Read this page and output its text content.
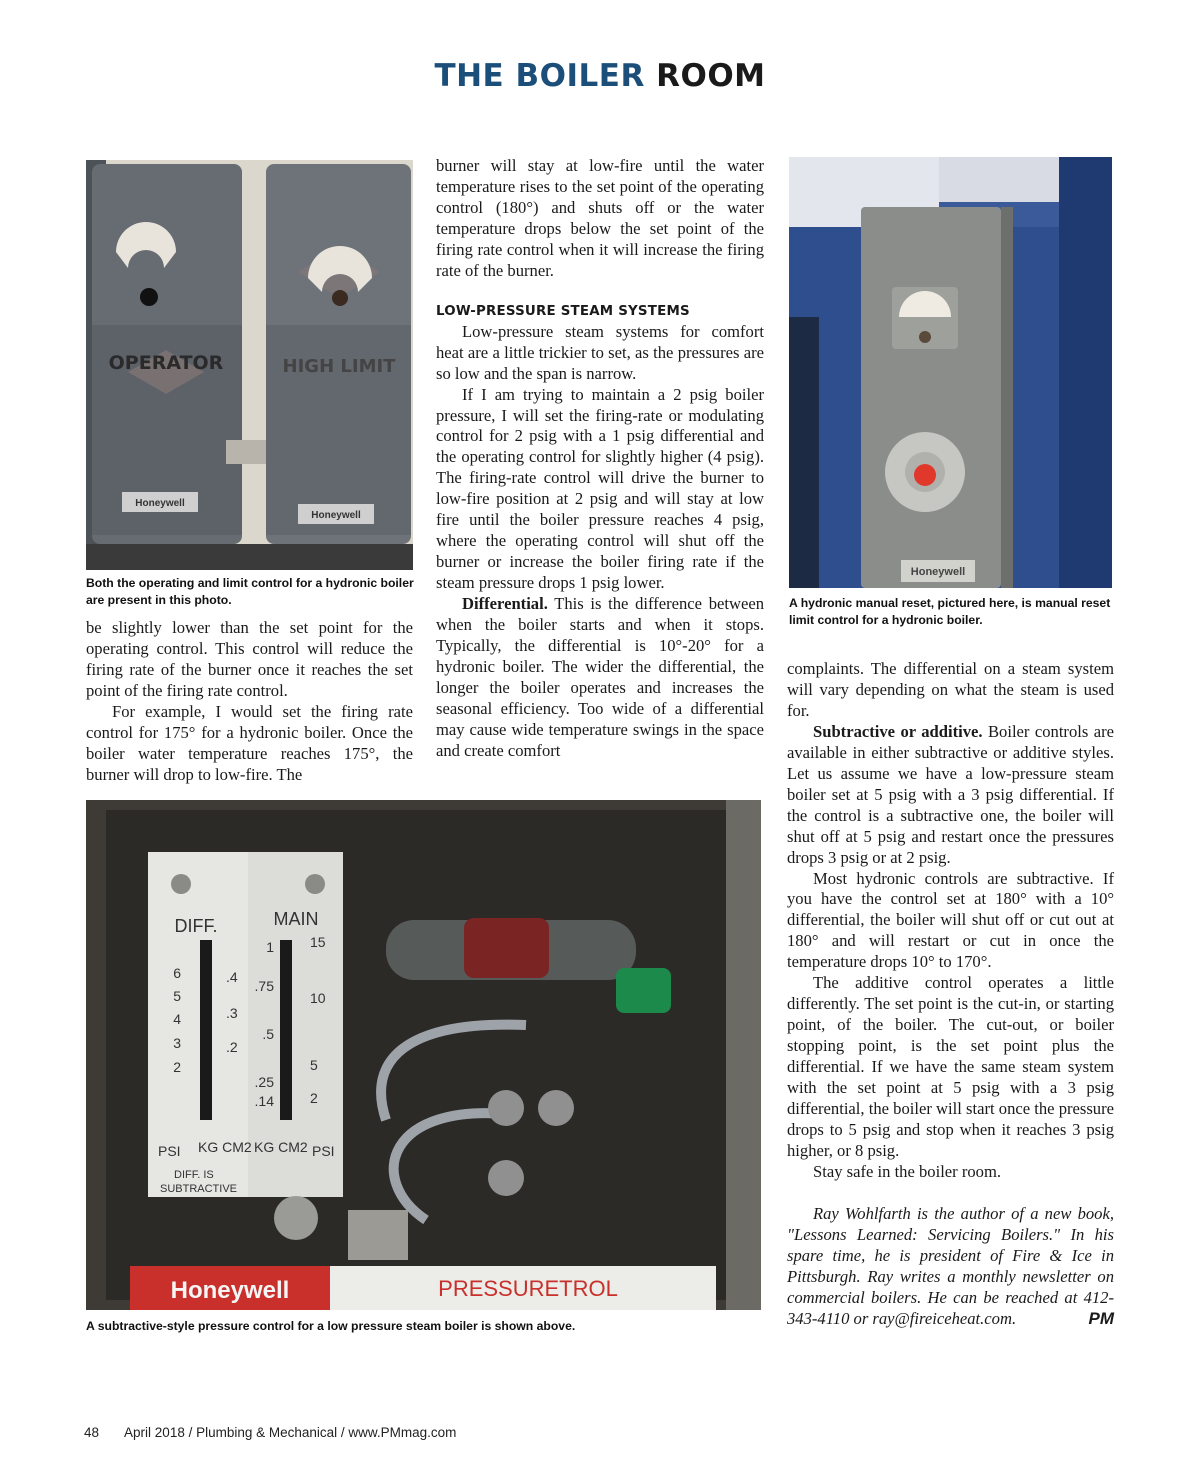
THE BOILER ROOM
OPERATOR
Honeywell
HIGH LIMIT
Honeywell
Both the operating and limit control for a hydronic boiler are present in this photo.
PUSH BUTTON TO RESET SWITCH
Honeywell
A hydronic manual reset, pictured here, is manual reset limit control for a hydronic boiler.
DIFF.	MAIN
6
5
4
3
2
.4
.3
.2
1
.75
.5
.25
.14
15
10
5
2
PSI KG CM2 KG CM2 PSI
DIFF. IS
SUBTRACTIVE
Honeywell	PRESSURETROL
A subtractive-style pressure control for a low pressure steam boiler is shown above.

be slightly lower than the set point for the operating control. This control will reduce the firing rate of the burner once it reaches the set point of the firing rate control.

For example, I would set the firing rate control for 175° for a hydronic boiler. Once the boiler water temperature reaches 175°, the burner will drop to low-fire. The

burner will stay at low-fire until the water temperature rises to the set point of the operating control (180°) and shuts off or the water temperature drops below the set point of the firing rate control when it will increase the firing rate of the burner.

LOW-PRESSURE STEAM SYSTEMS

Low-pressure steam systems for comfort heat are a little trickier to set, as the pressures are so low and the span is narrow.

If I am trying to maintain a 2 psig boiler pressure, I will set the firing-rate or modulating control for 2 psig with a 1 psig differential and the operating control for slightly higher (4 psig). The firing-rate control will drive the burner to low-fire position at 2 psig and will stay at low fire until the boiler pressure reaches 4 psig, where the operating control will shut off the burner or increase the boiler firing rate if the steam pressure drops 1 psig lower.

Differential. This is the difference between when the boiler starts and when it stops. Typically, the differential is 10°-20° for a hydronic boiler. The wider the differential, the longer the boiler operates and increases the seasonal efficiency. Too wide of a differential may cause wide temperature swings in the space and create comfort

complaints. The differential on a steam system will vary depending on what the steam is used for.

Subtractive or additive. Boiler controls are available in either subtractive or additive styles. Let us assume we have a low-pressure steam boiler set at 5 psig with a 3 psig differential. If the control is a subtractive one, the boiler will shut off at 5 psig and restart once the pressures drops 3 psig or at 2 psig.

Most hydronic controls are subtractive. If you have the control set at 180° with a 10° differential, the boiler will shut off or cut out at 180° and will restart or cut in once the temperature drops 10° to 170°.

The additive control operates a little differently. The set point is the cut-in, or starting point, of the boiler. The cut-out, or boiler stopping point, is the set point plus the differential. If we have the same steam system with the set point at 5 psig with a 3 psig differential, the boiler will start once the pressure drops to 5 psig and stop when it reaches 3 psig higher, or 8 psig.

Stay safe in the boiler room.

Ray Wohlfarth is the author of a new book, "Lessons Learned: Servicing Boilers." In his spare time, he is president of Fire & Ice in Pittsburgh. Ray writes a monthly newsletter on commercial boilers. He can be reached at 412-343-4110 or ray@fireiceheat.com.	PM

48 April 2018 / Plumbing & Mechanical / www.PMmag.com
